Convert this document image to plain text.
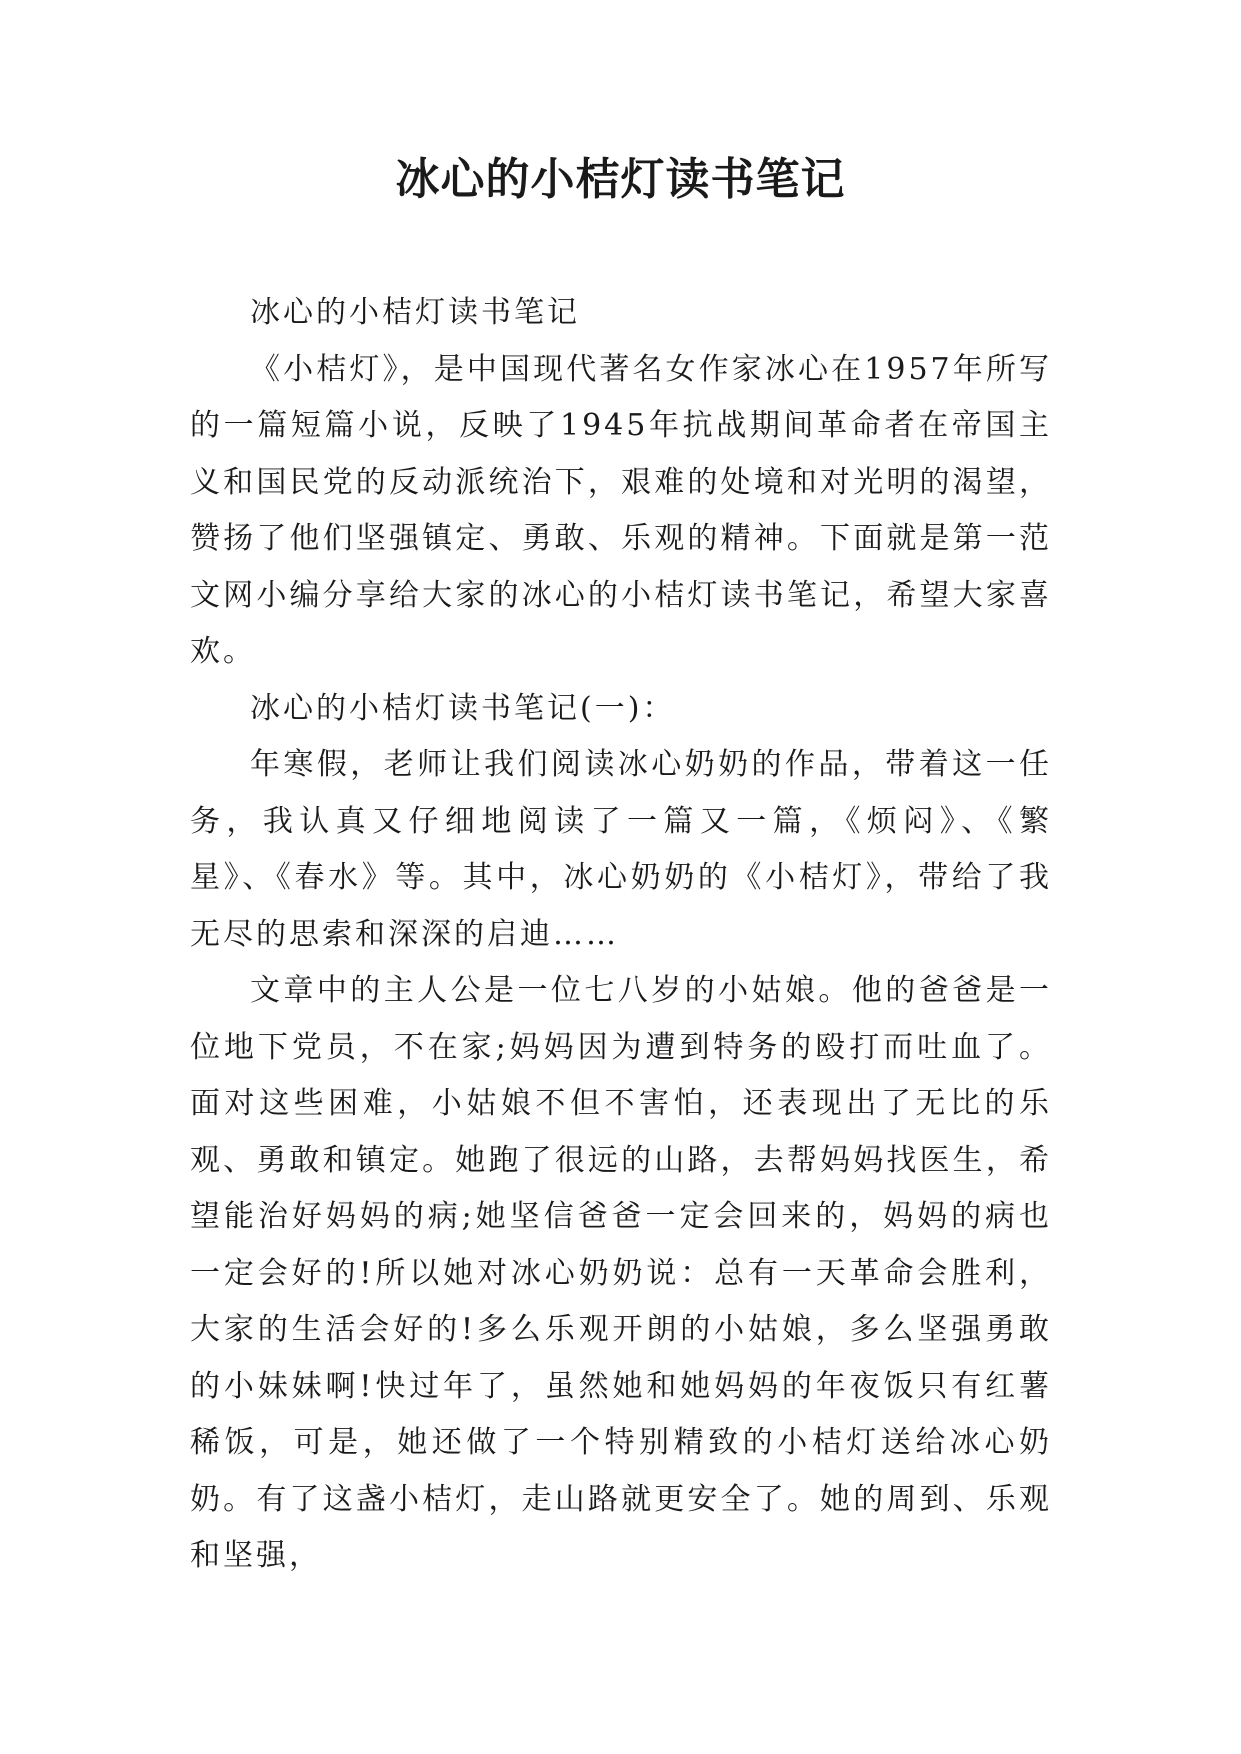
冰心的小桔灯读书笔记

冰心的小桔灯读书笔记

《小桔灯》，是中国现代著名女作家冰心在1957年所写的一篇短篇小说，反映了1945年抗战期间革命者在帝国主义和国民党的反动派统治下，艰难的处境和对光明的渴望，赞扬了他们坚强镇定、勇敢、乐观的精神。下面就是第一范文网小编分享给大家的冰心的小桔灯读书笔记，希望大家喜欢。

冰心的小桔灯读书笔记(一)：

年寒假，老师让我们阅读冰心奶奶的作品，带着这一任务，我认真又仔细地阅读了一篇又一篇，《烦闷》、《繁星》、《春水》等。其中，冰心奶奶的《小桔灯》，带给了我无尽的思索和深深的启迪……

文章中的主人公是一位七八岁的小姑娘。他的爸爸是一位地下党员，不在家;妈妈因为遭到特务的殴打而吐血了。面对这些困难，小姑娘不但不害怕，还表现出了无比的乐观、勇敢和镇定。她跑了很远的山路，去帮妈妈找医生，希望能治好妈妈的病;她坚信爸爸一定会回来的，妈妈的病也一定会好的!所以她对冰心奶奶说：总有一天革命会胜利，大家的生活会好的!多么乐观开朗的小姑娘，多么坚强勇敢的小妹妹啊!快过年了，虽然她和她妈妈的年夜饭只有红薯稀饭，可是，她还做了一个特别精致的小桔灯送给冰心奶奶。有了这盏小桔灯，走山路就更安全了。她的周到、乐观和坚强，
